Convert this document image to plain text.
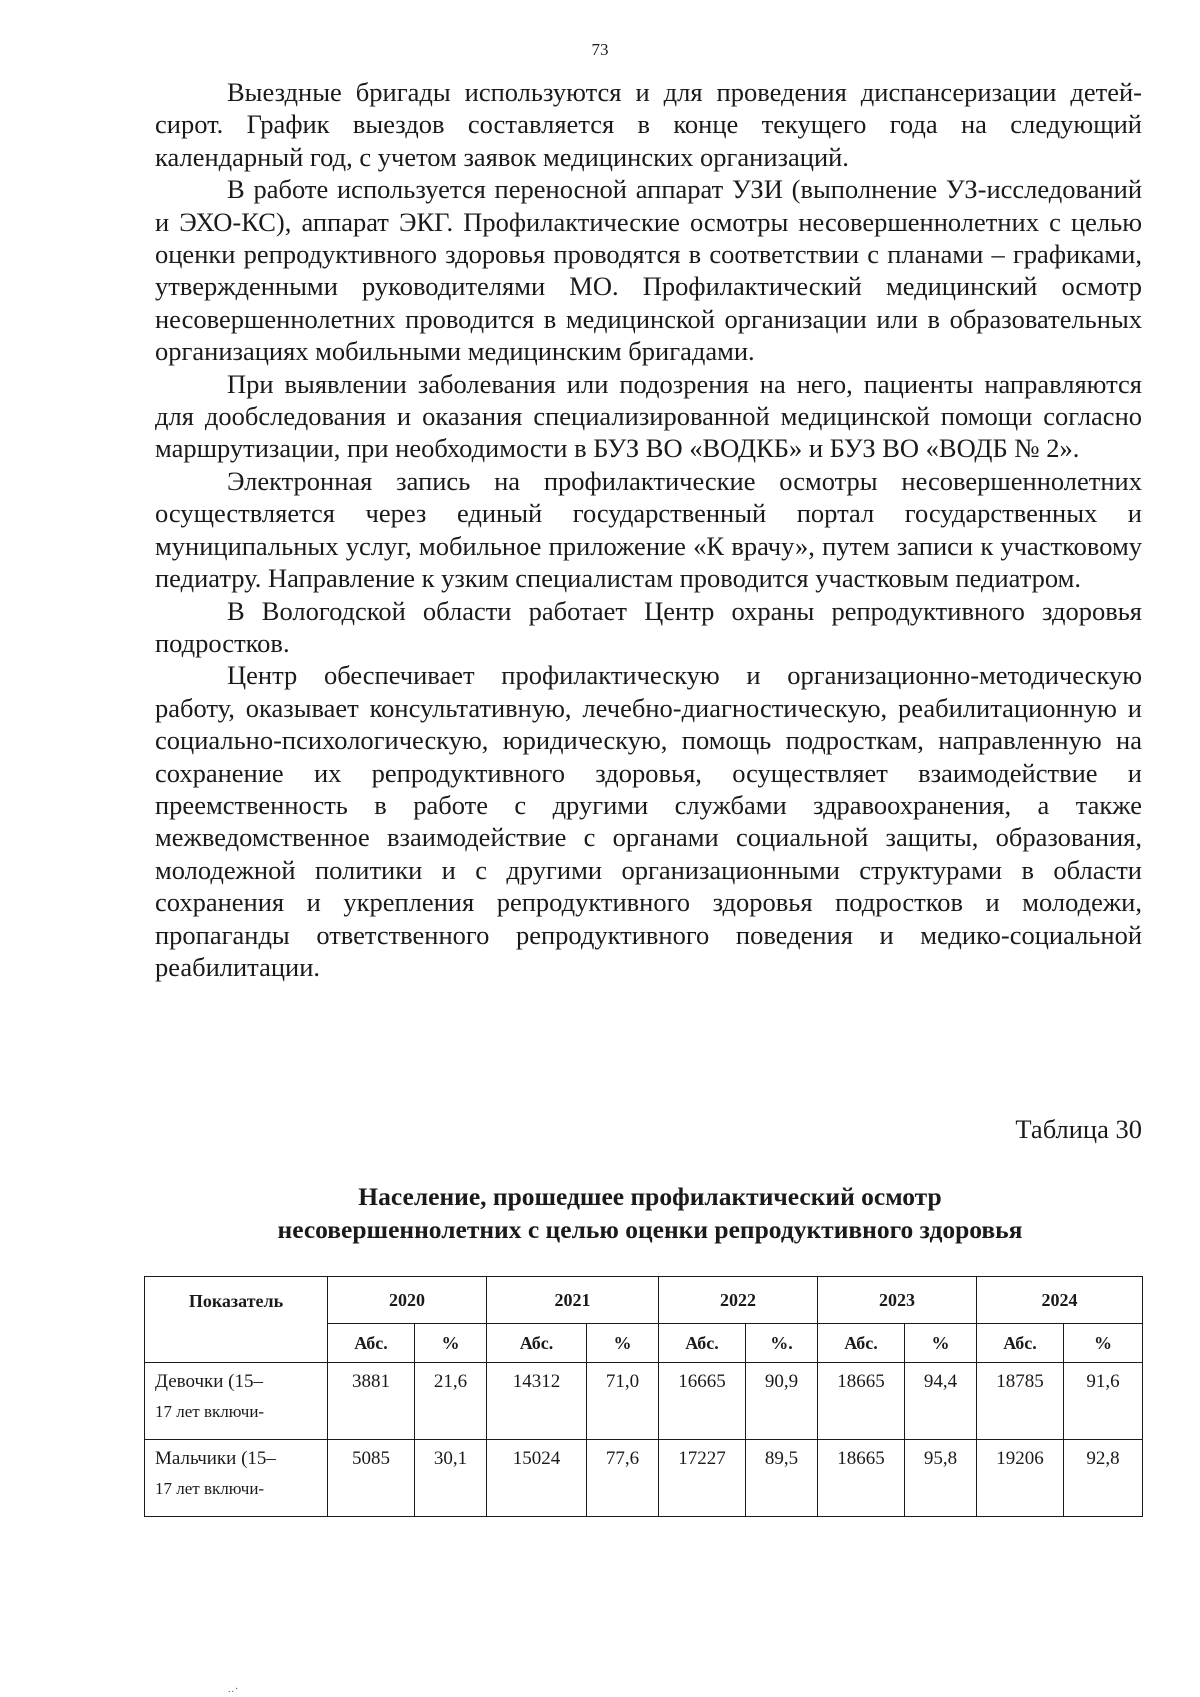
73

Выездные бригады используются и для проведения диспансеризации детей-сирот. График выездов составляется в конце текущего года на следующий календарный год, с учетом заявок медицинских организаций.

В работе используется переносной аппарат УЗИ (выполнение УЗ-исследований и ЭХО-КС), аппарат ЭКГ. Профилактические осмотры несовершеннолетних с целью оценки репродуктивного здоровья проводятся в соответствии с планами – графиками, утвержденными руководителями МО. Профилактический медицинский осмотр несовершеннолетних проводится в медицинской организации или в образовательных организациях мобильными медицинским бригадами.

При выявлении заболевания или подозрения на него, пациенты направляются для дообследования и оказания специализированной медицинской помощи согласно маршрутизации, при необходимости в БУЗ ВО «ВОДКБ» и БУЗ ВО «ВОДБ № 2».

Электронная запись на профилактические осмотры несовершеннолетних осуществляется через единый государственный портал государственных и муниципальных услуг, мобильное приложение «К врачу», путем записи к участковому педиатру. Направление к узким специалистам проводится участковым педиатром.

В Вологодской области работает Центр охраны репродуктивного здоровья подростков.

Центр обеспечивает профилактическую и организационно-методическую работу, оказывает консультативную, лечебно-диагностическую, реабилитационную и социально-психологическую, юридическую, помощь подросткам, направленную на сохранение их репродуктивного здоровья, осуществляет взаимодействие и преемственность в работе с другими службами здравоохранения, а также межведомственное взаимодействие с органами социальной защиты, образования, молодежной политики и с другими организационными структурами в области сохранения и укрепления репродуктивного здоровья подростков и молодежи, пропаганды ответственного репродуктивного поведения и медико-социальной реабилитации.

Таблица 30
Население, прошедшее профилактический осмотр
несовершеннолетних с целью оценки репродуктивного здоровья
Показатель	2020		2021		2022		2023		2024	
	Абс.	%	Абс.	%	Абс.	%.	Абс.	%	Абс.	%
Девочки (15–
17 лет включи-	3881	21,6	14312	71,0	16665	90,9	18665	94,4	18785	91,6
Мальчики (15–
17 лет включи-	5085	30,1	15024	77,6	17227	89,5	18665	95,8	19206	92,8
..·
